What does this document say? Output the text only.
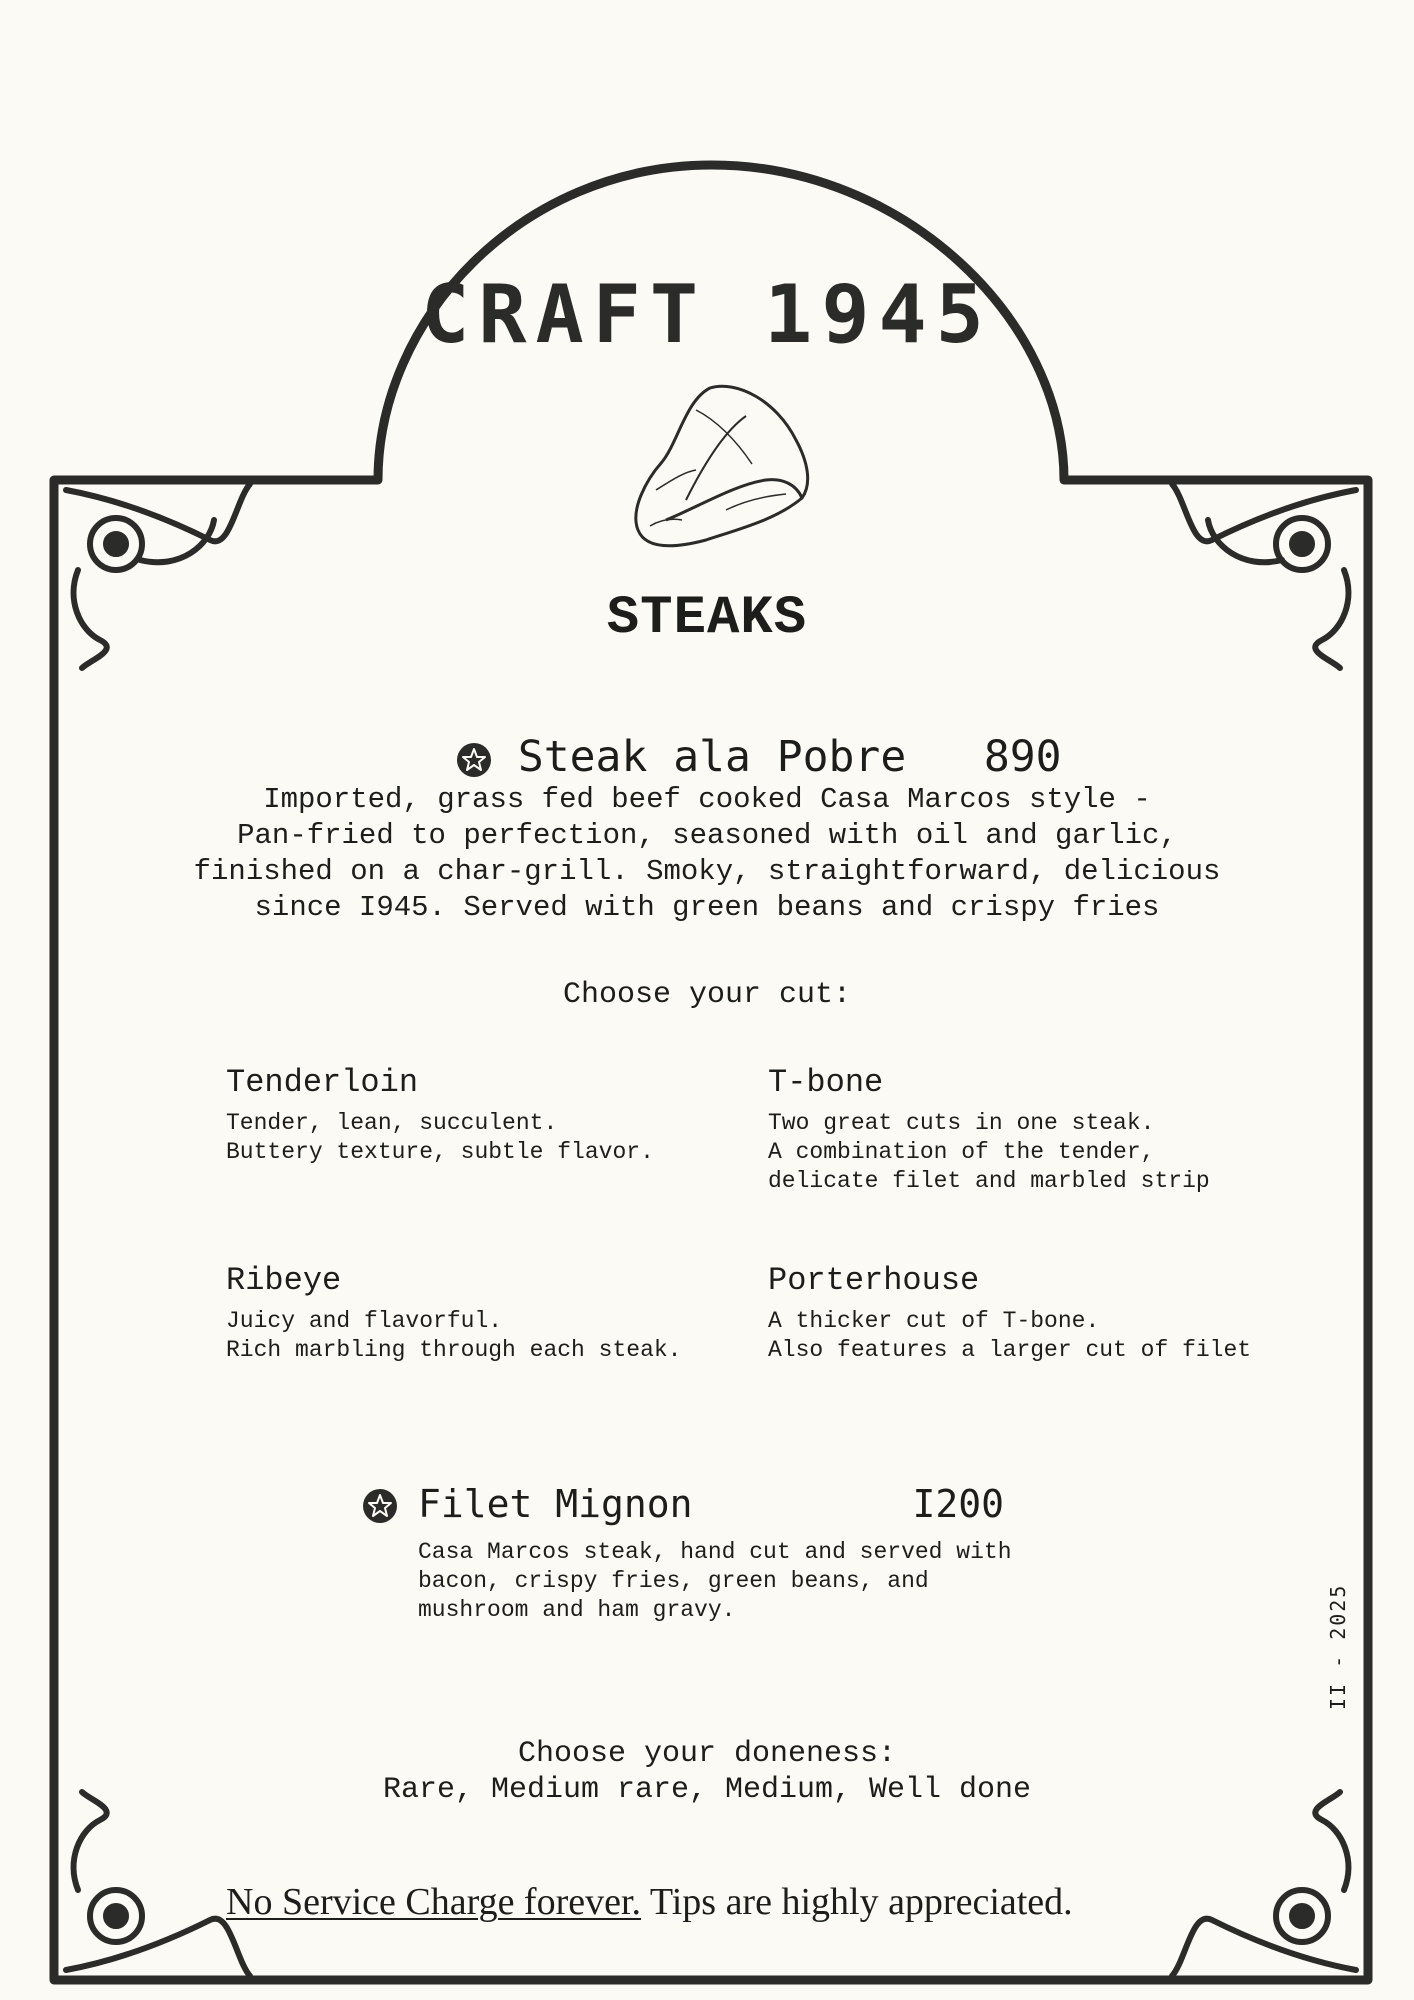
CRAFT 1945
STEAKS

Steak ala Pobre 890

Imported, grass fed beef cooked Casa Marcos style -
Pan-fried to perfection, seasoned with oil and garlic,
finished on a char-grill. Smoky, straightforward, delicious
since I945. Served with green beans and crispy fries
Choose your cut:
Tenderloin
Tender, lean, succulent.
Buttery texture, subtle flavor.
T-bone
Two great cuts in one steak.
A combination of the tender,
delicate filet and marbled strip
Ribeye
Juicy and flavorful.
Rich marbling through each steak.
Porterhouse
A thicker cut of T-bone.
Also features a larger cut of filet
Filet Mignon	I200
Casa Marcos steak, hand cut and served with
bacon, crispy fries, green beans, and
mushroom and ham gravy.	II - 2025
Choose your doneness:
Rare, Medium rare, Medium, Well done
No Service Charge forever. Tips are highly appreciated.
